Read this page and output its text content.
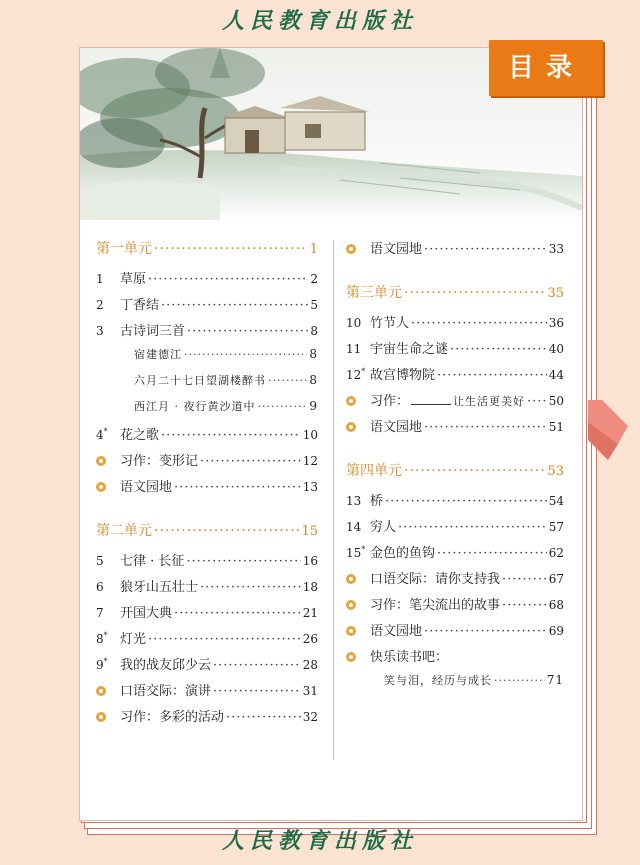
人民教育出版社
目录
第一单元 ·····	1
1	草原 ·····	2
2	丁香结 ·····	5
3	古诗词三首 ·····	8
宿建德江 ·····	8
六月二十七日望湖楼醉书 ·····	8
西江月 · 夜行黄沙道中 ·····	9
4* 花之歌 ·····	10
习作：变形记 ·····	12
语文园地 ·····	13
第二单元 ·····	15
5	七律 · 长征 ·····	16
6	狼牙山五壮士 ·····	18
7	开国大典 ·····	21
8* 灯光 ·····	26
9* 我的战友邱少云 ·····	28
口语交际：演讲 ·····	31
习作：多彩的活动 ·····	32
语文园地 ·····	33
第三单元 ·····	35
10 竹节人 ·····	36
11 宇宙生命之谜 ·····	40
12* 故宫博物院 ·····	44
习作：	让生活更美好 ····· 50
语文园地 ·····	51
第四单元 ·····	53
13 桥 ·····	54
14 穷人 ·····	57
15* 金色的鱼钩 ·····	62
口语交际：请你支持我 ·····	67
习作：笔尖流出的故事 ·····	68
语文园地 ·····	69
快乐读书吧：
笑与泪，经历与成长 ·····	71
人民教育出版社
